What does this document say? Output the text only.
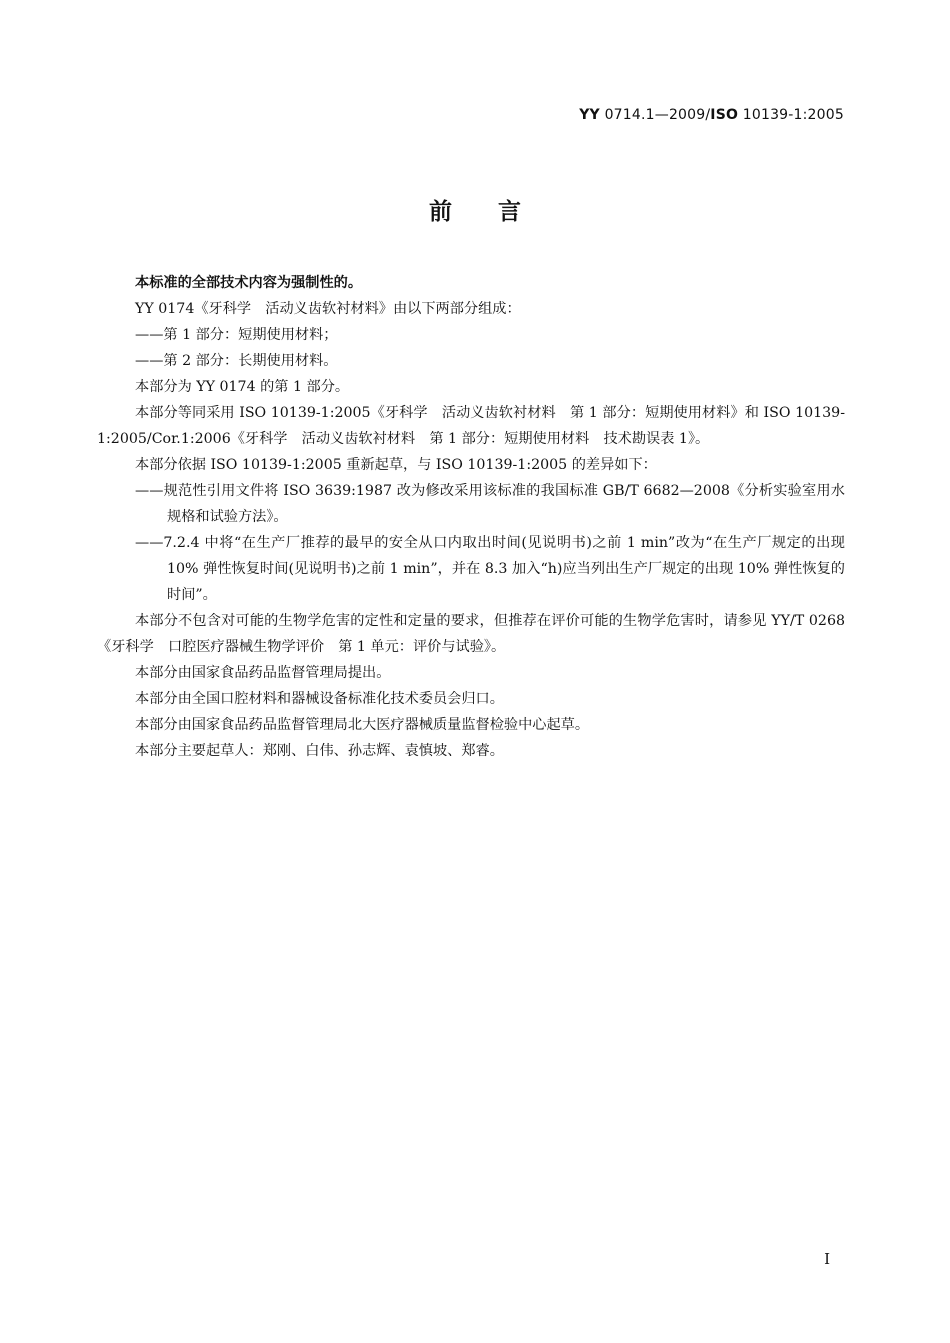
YY 0714.1—2009/ISO 10139-1:2005
前言

本标准的全部技术内容为强制性的。

YY 0174《牙科学　活动义齿软衬材料》由以下两部分组成：

——第 1 部分：短期使用材料；

——第 2 部分：长期使用材料。

本部分为 YY 0174 的第 1 部分。

本部分等同采用 ISO 10139-1:2005《牙科学　活动义齿软衬材料　第 1 部分：短期使用材料》和 ISO 10139-1:2005/Cor.1:2006《牙科学　活动义齿软衬材料　第 1 部分：短期使用材料　技术勘误表 1》。

本部分依据 ISO 10139-1:2005 重新起草，与 ISO 10139-1:2005 的差异如下：

——规范性引用文件将 ISO 3639:1987 改为修改采用该标准的我国标准 GB/T 6682—2008《分析实验室用水规格和试验方法》。

——7.2.4 中将“在生产厂推荐的最早的安全从口内取出时间(见说明书)之前 1 min”改为“在生产厂规定的出现 10% 弹性恢复时间(见说明书)之前 1 min”，并在 8.3 加入“h)应当列出生产厂规定的出现 10% 弹性恢复的时间”。

本部分不包含对可能的生物学危害的定性和定量的要求，但推荐在评价可能的生物学危害时，请参见 YY/T 0268《牙科学　口腔医疗器械生物学评价　第 1 单元：评价与试验》。

本部分由国家食品药品监督管理局提出。

本部分由全国口腔材料和器械设备标准化技术委员会归口。

本部分由国家食品药品监督管理局北大医疗器械质量监督检验中心起草。

本部分主要起草人：郑刚、白伟、孙志辉、袁慎坡、郑睿。

I
